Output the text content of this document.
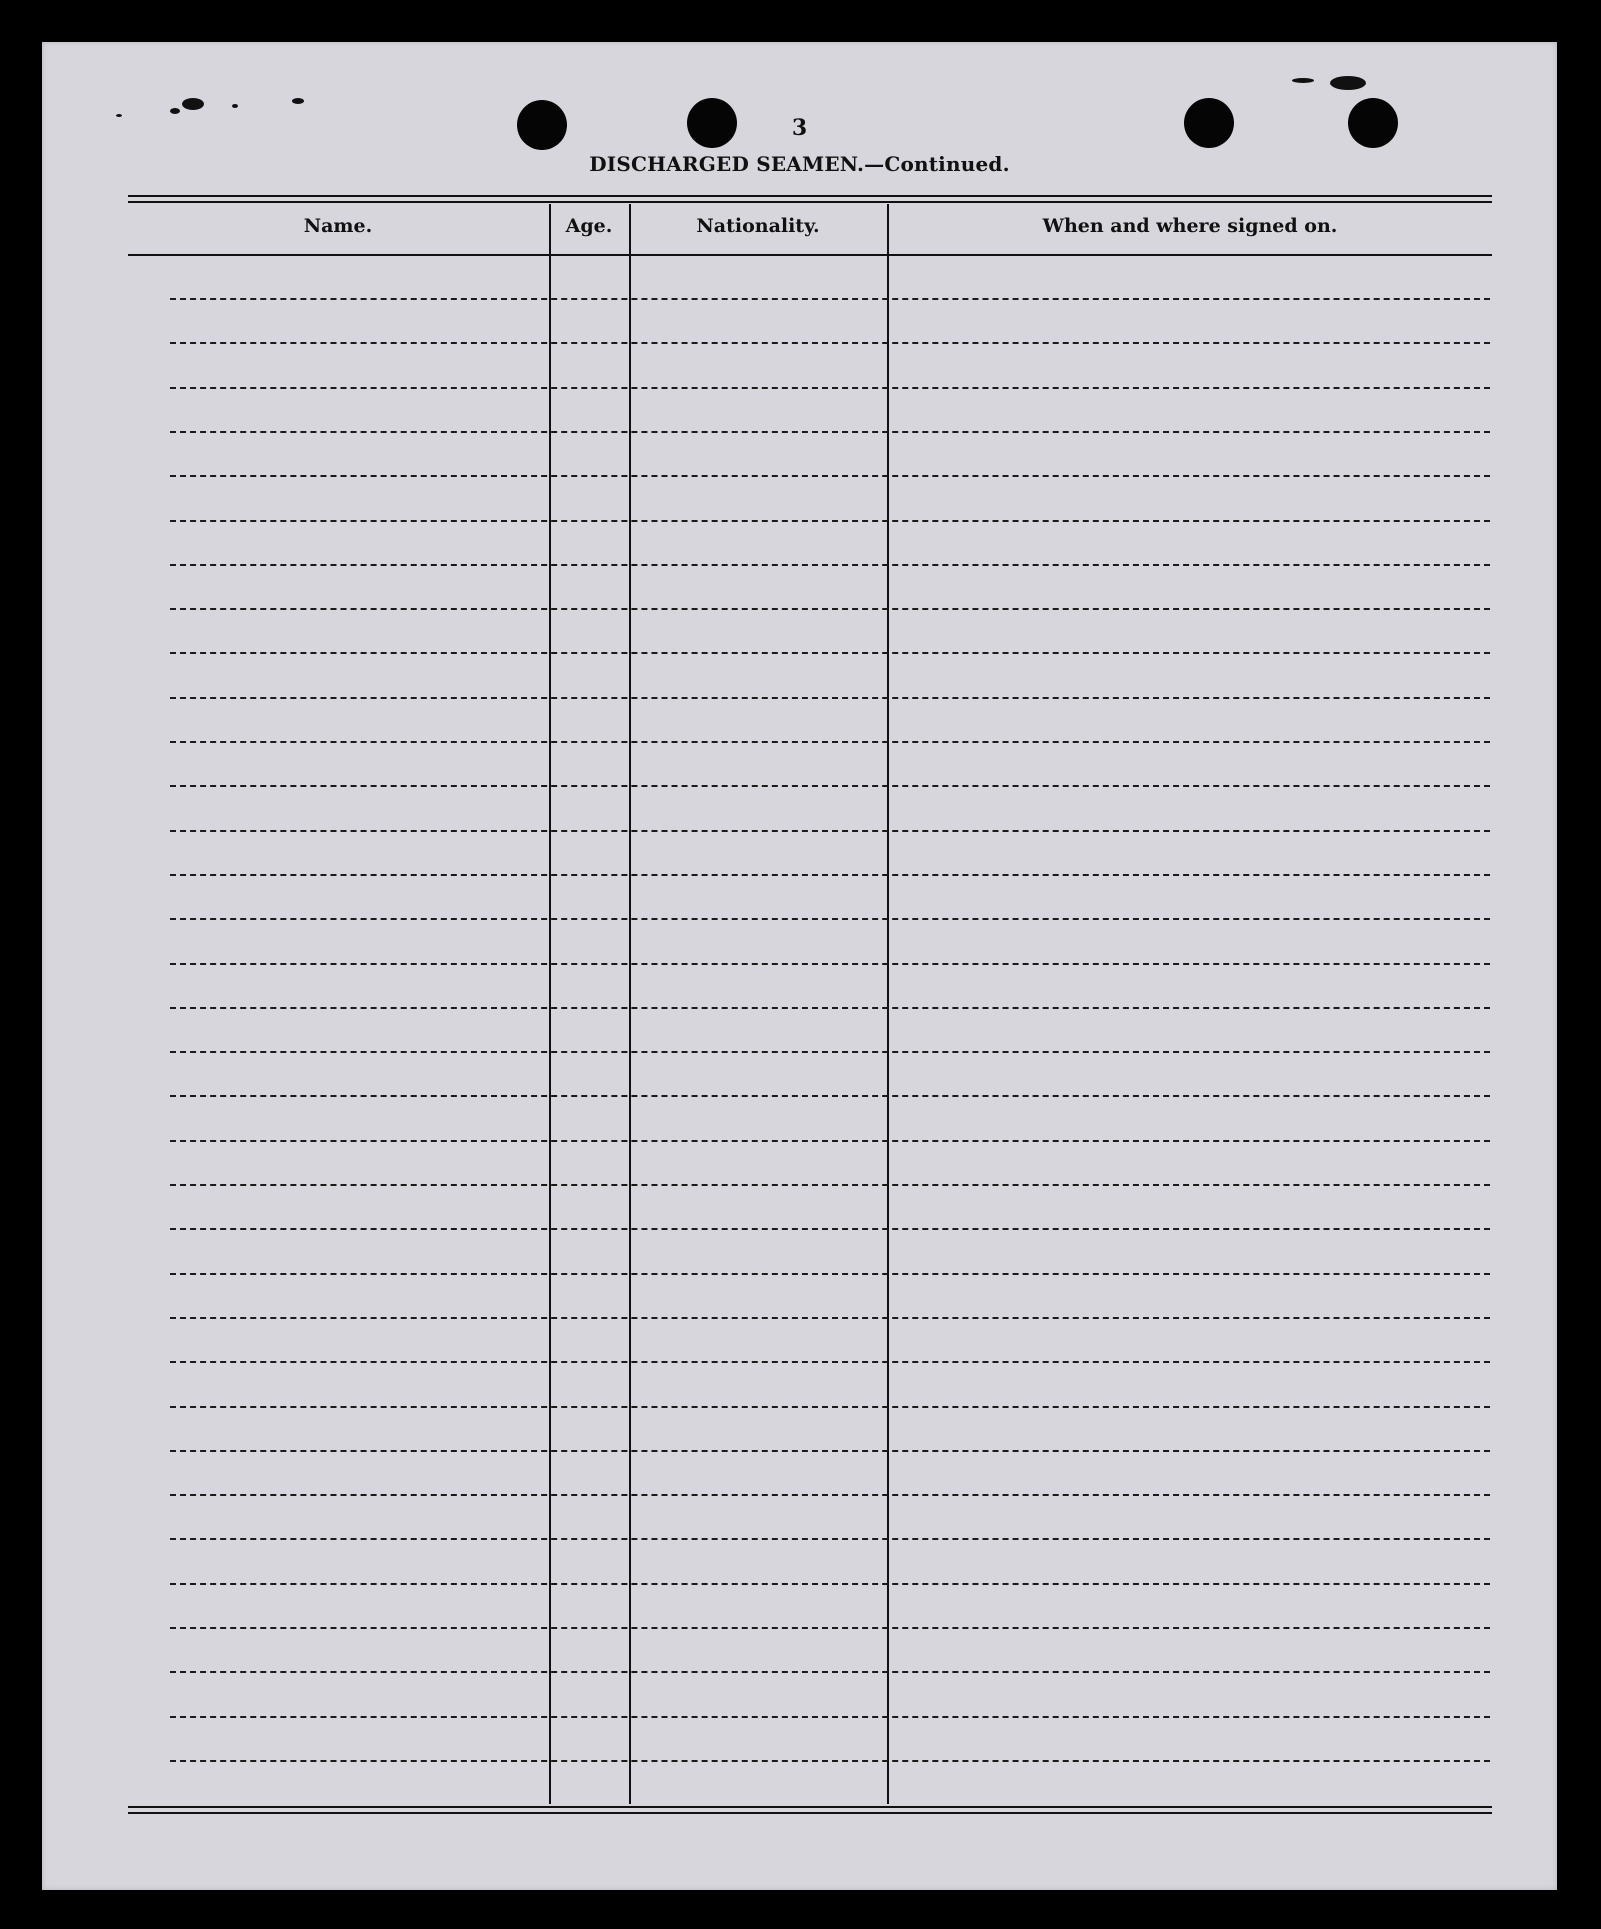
3
DISCHARGED SEAMEN.—Continued.
Name.	Age.	Nationality.	When and where signed on.
